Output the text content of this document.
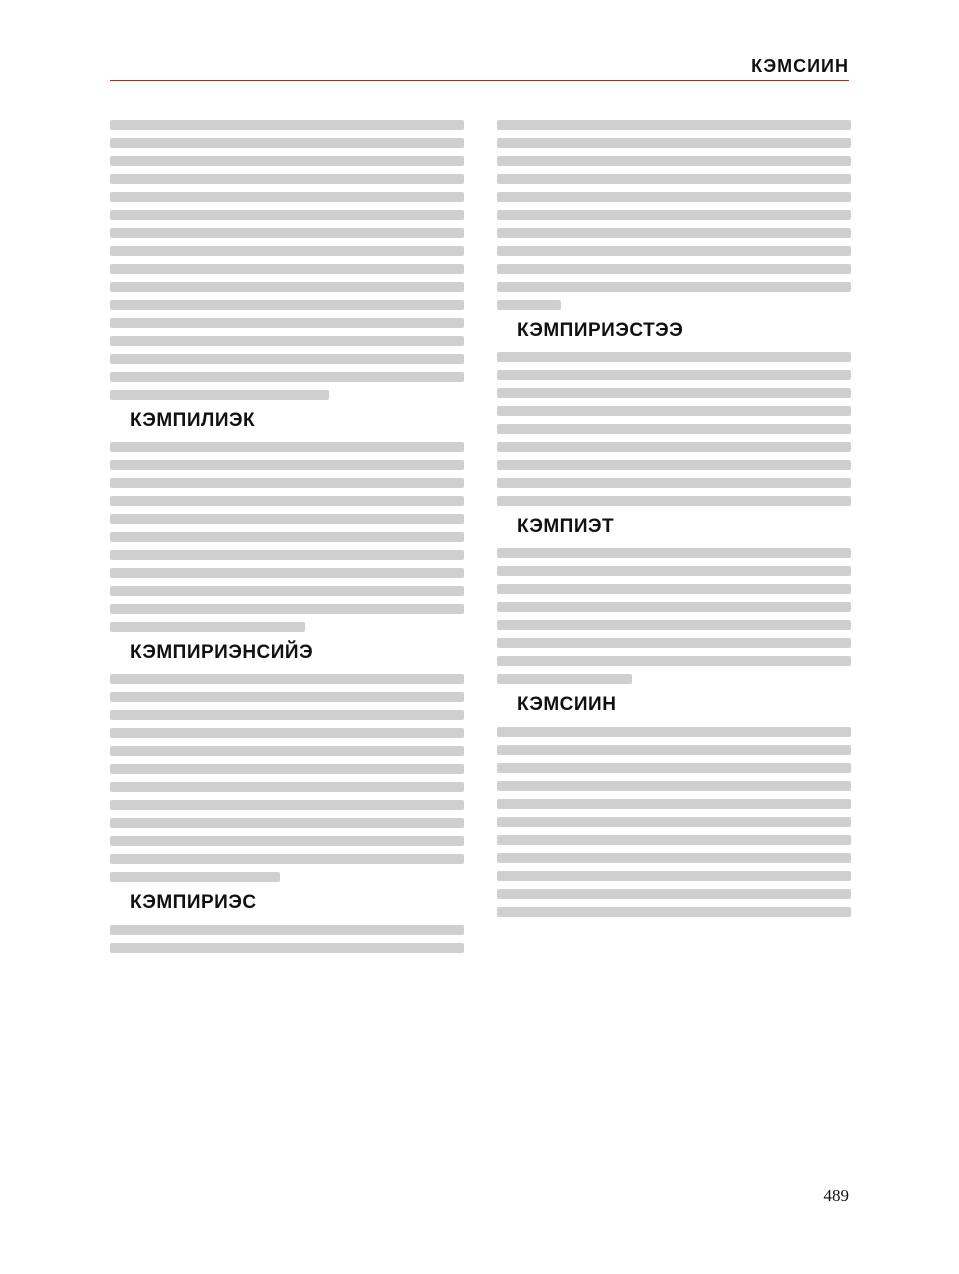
КЭМСИИН

КЭМПИЛИЭК

КЭМПИРИЭНСИЙЭ

КЭМПИРИЭС

КЭМПИРИЭСТЭЭ

КЭМПИЭТ

КЭМСИИН

489
